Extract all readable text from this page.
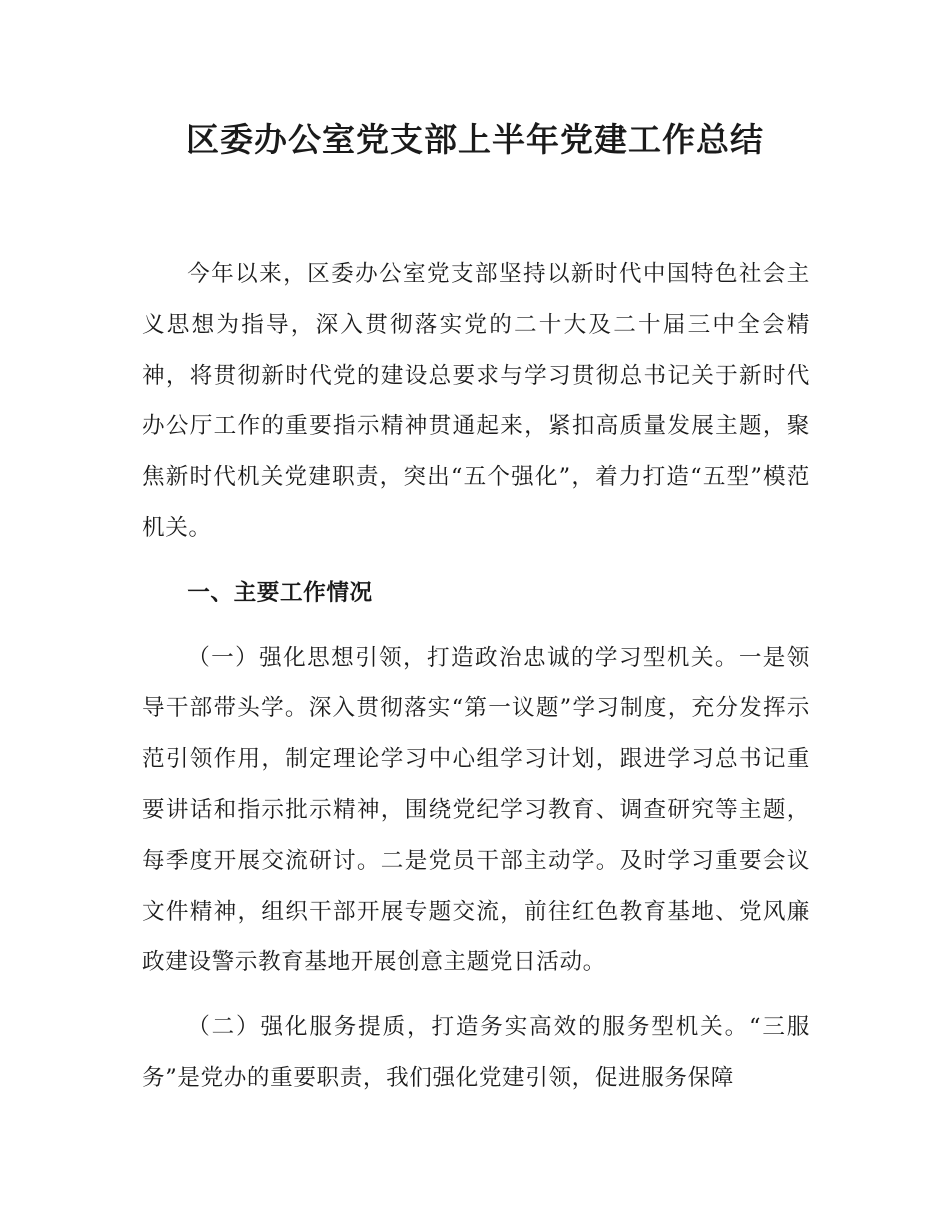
区委办公室党支部上半年党建工作总结

今年以来，区委办公室党支部坚持以新时代中国特色社会主义思想为指导，深入贯彻落实党的二十大及二十届三中全会精神，将贯彻新时代党的建设总要求与学习贯彻总书记关于新时代办公厅工作的重要指示精神贯通起来，紧扣高质量发展主题，聚焦新时代机关党建职责，突出“五个强化”，着力打造“五型”模范机关。

一、主要工作情况

（一）强化思想引领，打造政治忠诚的学习型机关。一是领导干部带头学。深入贯彻落实“第一议题”学习制度，充分发挥示范引领作用，制定理论学习中心组学习计划，跟进学习总书记重要讲话和指示批示精神，围绕党纪学习教育、调查研究等主题，每季度开展交流研讨。二是党员干部主动学。及时学习重要会议文件精神，组织干部开展专题交流，前往红色教育基地、党风廉政建设警示教育基地开展创意主题党日活动。

（二）强化服务提质，打造务实高效的服务型机关。“三服务”是党办的重要职责，我们强化党建引领，促进服务保障
